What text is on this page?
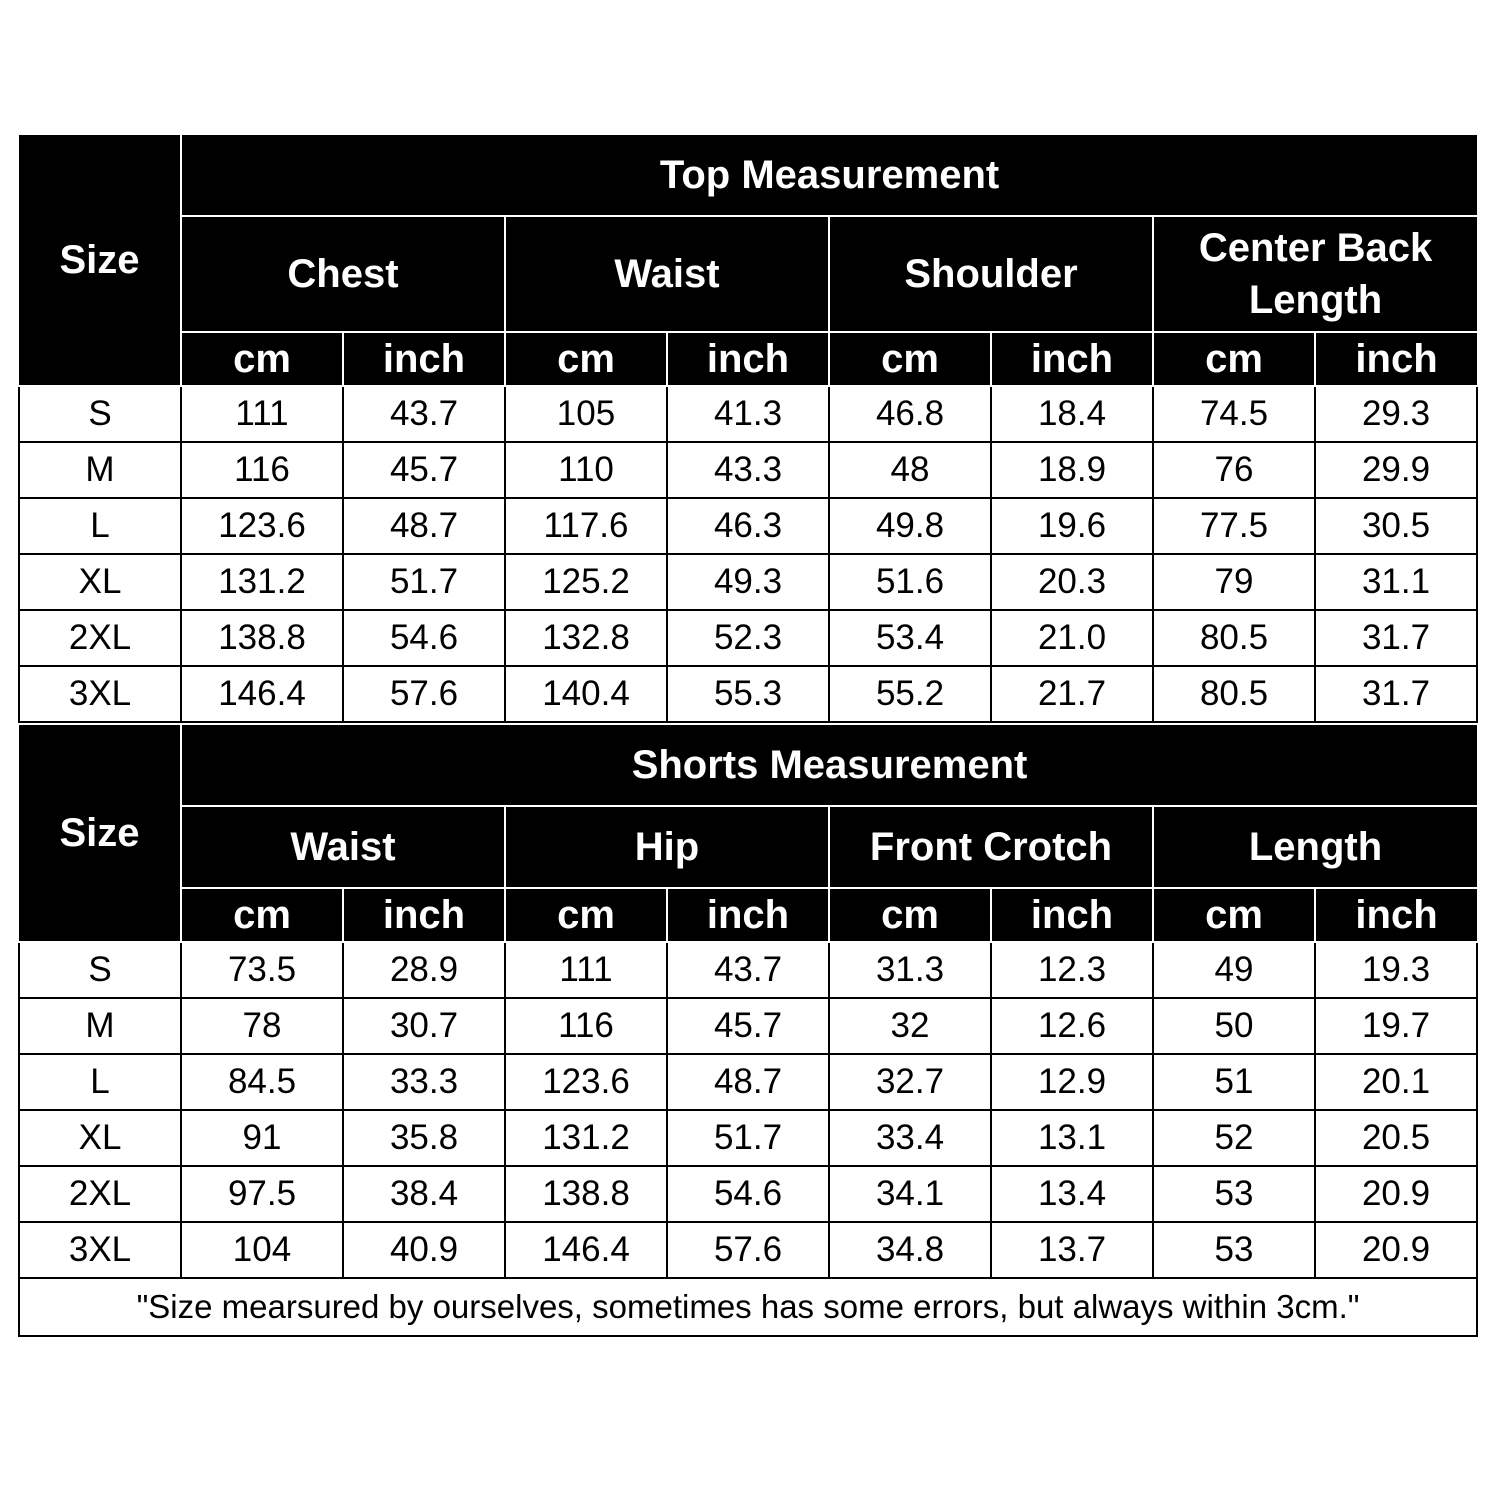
Size	Top Measurement							
	Chest		Waist		Shoulder		Center Back Length	
	cm	inch	cm	inch	cm	inch	cm	inch
S	111	43.7	105	41.3	46.8	18.4	74.5	29.3
M	116	45.7	110	43.3	48	18.9	76	29.9
L	123.6	48.7	117.6	46.3	49.8	19.6	77.5	30.5
XL	131.2	51.7	125.2	49.3	51.6	20.3	79	31.1
2XL	138.8	54.6	132.8	52.3	53.4	21.0	80.5	31.7
3XL	146.4	57.6	140.4	55.3	55.2	21.7	80.5	31.7
Size	Shorts Measurement							
	Waist		Hip		Front Crotch		Length	
	cm	inch	cm	inch	cm	inch	cm	inch
S	73.5	28.9	111	43.7	31.3	12.3	49	19.3
M	78	30.7	116	45.7	32	12.6	50	19.7
L	84.5	33.3	123.6	48.7	32.7	12.9	51	20.1
XL	91	35.8	131.2	51.7	33.4	13.1	52	20.5
2XL	97.5	38.4	138.8	54.6	34.1	13.4	53	20.9
3XL	104	40.9	146.4	57.6	34.8	13.7	53	20.9
"Size mearsured by ourselves, sometimes has some errors, but always within 3cm."								
